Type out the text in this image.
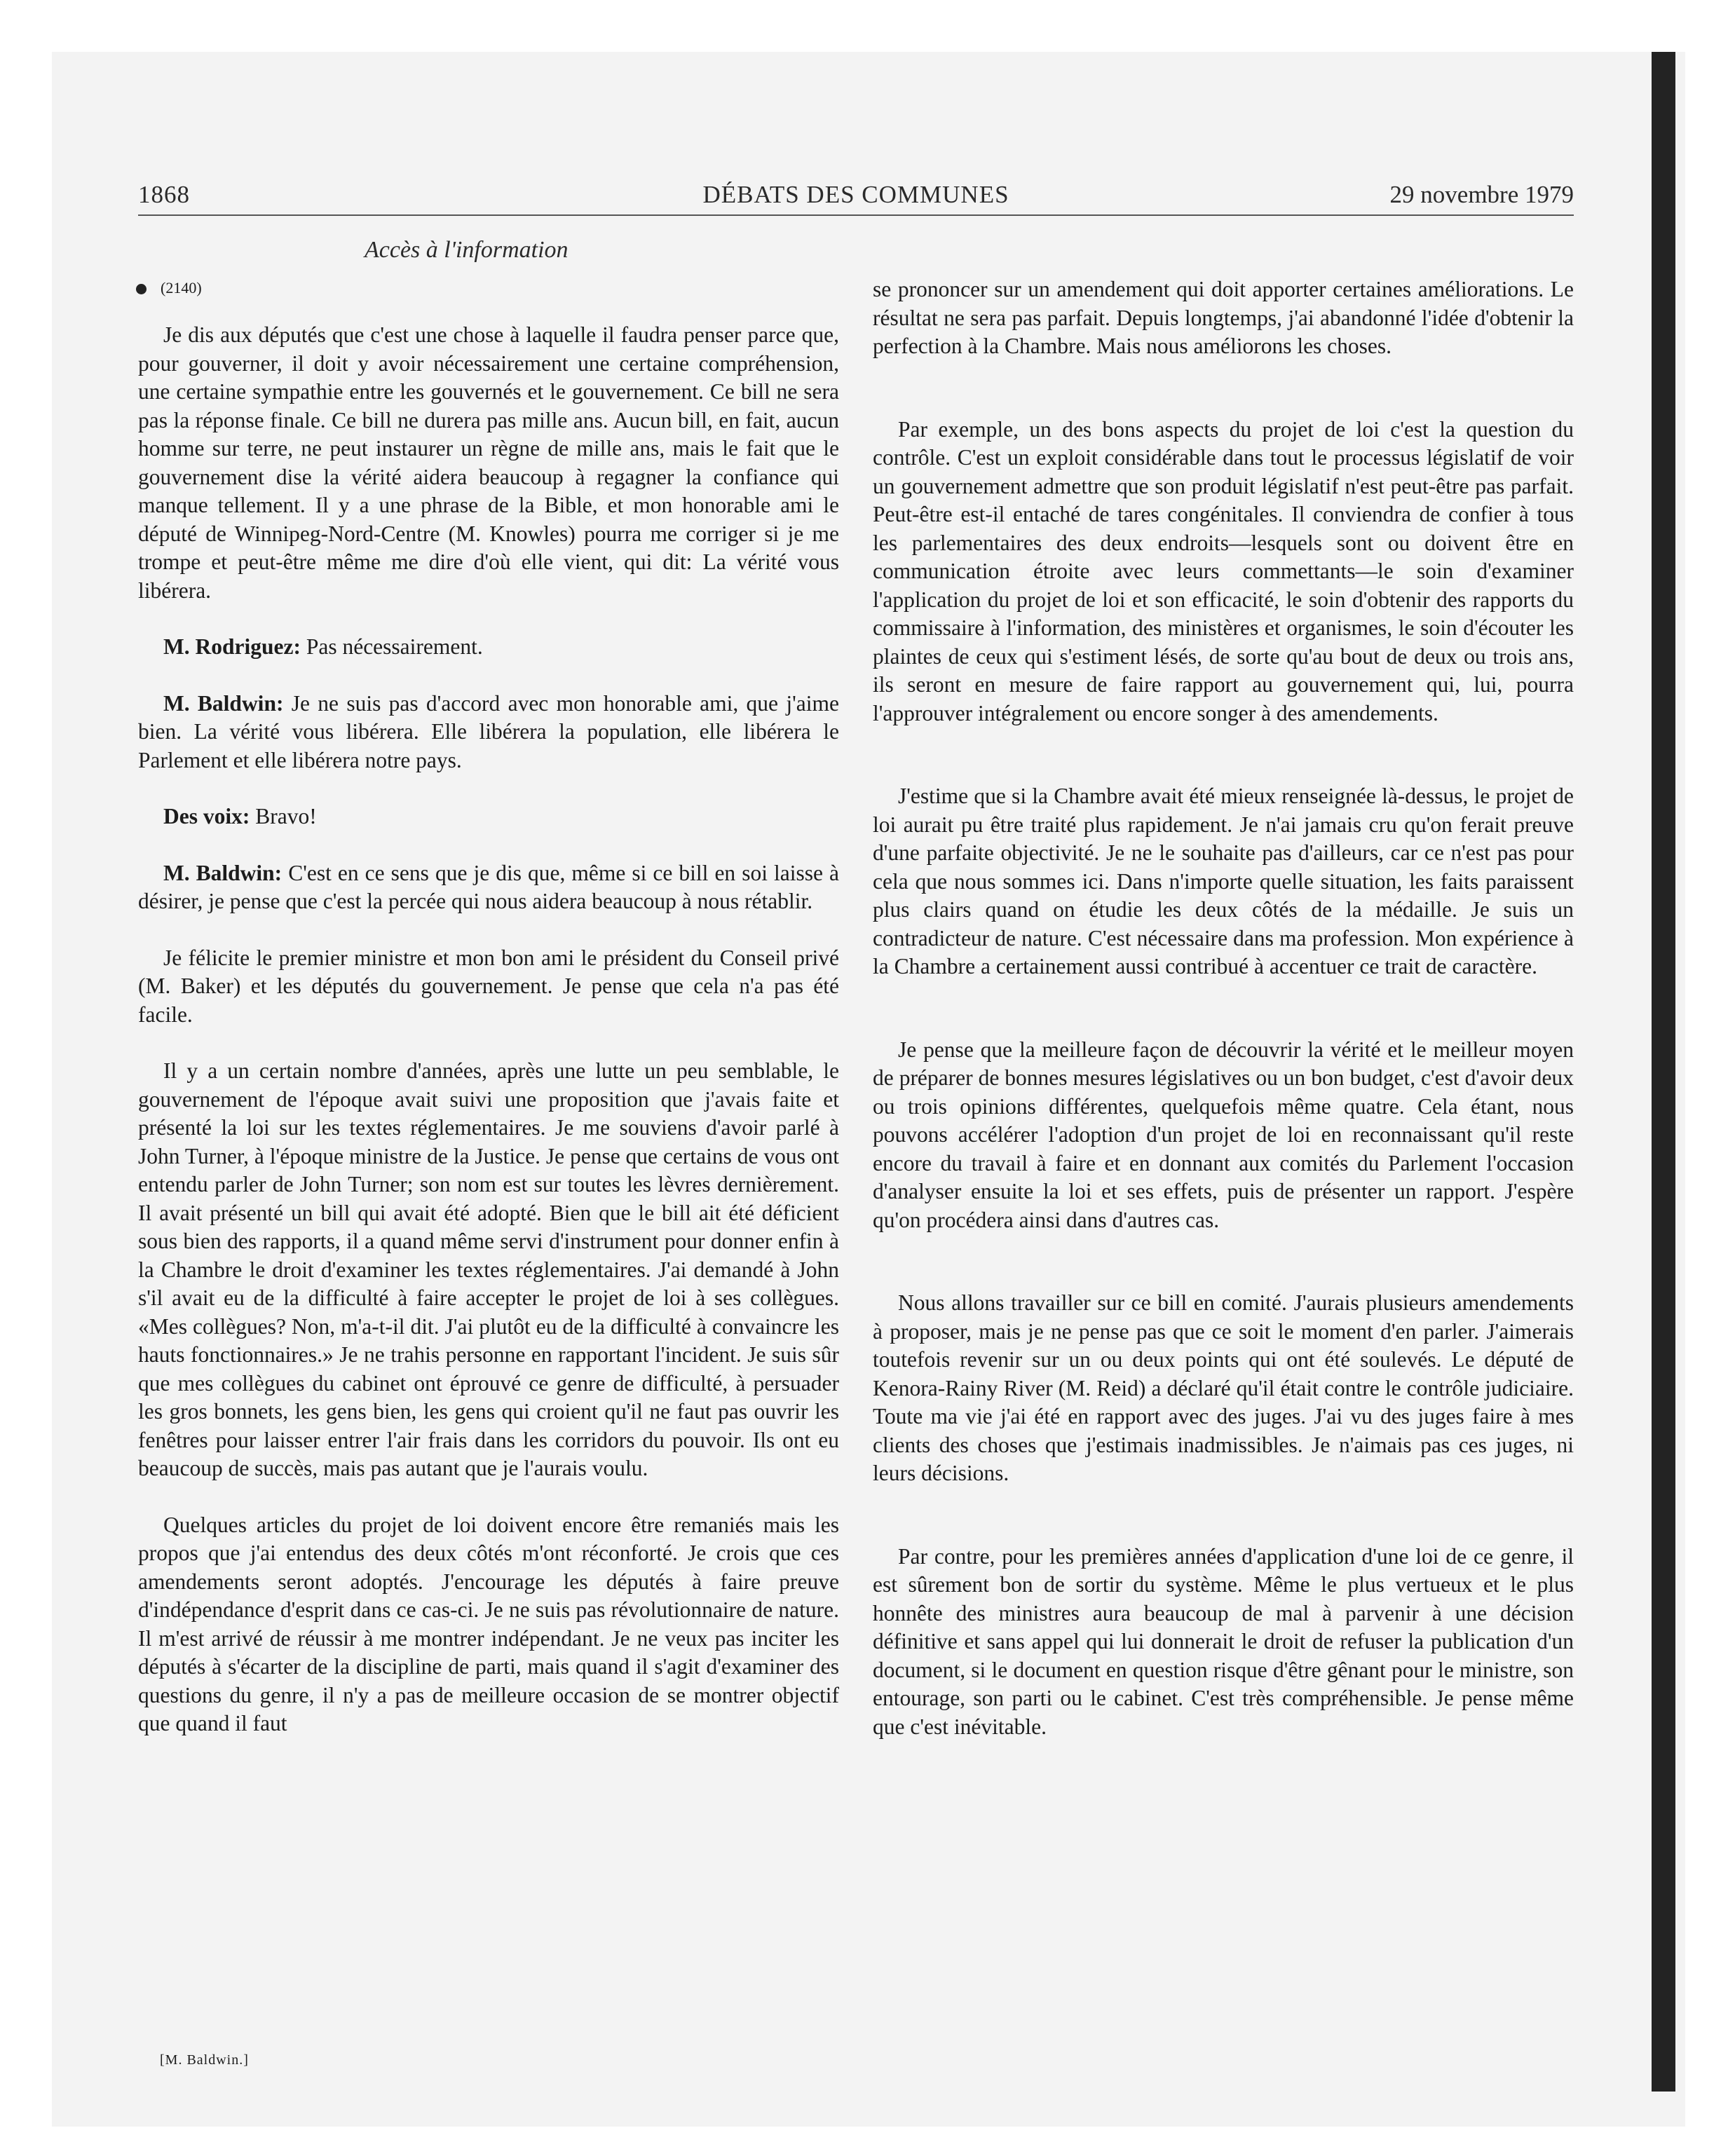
1868	DÉBATS DES COMMUNES	29 novembre 1979
Accès à l'information
(2140)

Je dis aux députés que c'est une chose à laquelle il faudra penser parce que, pour gouverner, il doit y avoir nécessairement une certaine compréhension, une certaine sympathie entre les gouvernés et le gouvernement. Ce bill ne sera pas la réponse finale. Ce bill ne durera pas mille ans. Aucun bill, en fait, aucun homme sur terre, ne peut instaurer un règne de mille ans, mais le fait que le gouvernement dise la vérité aidera beaucoup à regagner la confiance qui manque tellement. Il y a une phrase de la Bible, et mon honorable ami le député de Winnipeg-Nord-Centre (M. Knowles) pourra me corriger si je me trompe et peut-être même me dire d'où elle vient, qui dit: La vérité vous libérera.

M. Rodriguez: Pas nécessairement.

M. Baldwin: Je ne suis pas d'accord avec mon honorable ami, que j'aime bien. La vérité vous libérera. Elle libérera la population, elle libérera le Parlement et elle libérera notre pays.

Des voix: Bravo!

M. Baldwin: C'est en ce sens que je dis que, même si ce bill en soi laisse à désirer, je pense que c'est la percée qui nous aidera beaucoup à nous rétablir.

Je félicite le premier ministre et mon bon ami le président du Conseil privé (M. Baker) et les députés du gouvernement. Je pense que cela n'a pas été facile.

Il y a un certain nombre d'années, après une lutte un peu semblable, le gouvernement de l'époque avait suivi une proposition que j'avais faite et présenté la loi sur les textes réglementaires. Je me souviens d'avoir parlé à John Turner, à l'époque ministre de la Justice. Je pense que certains de vous ont entendu parler de John Turner; son nom est sur toutes les lèvres dernièrement. Il avait présenté un bill qui avait été adopté. Bien que le bill ait été déficient sous bien des rapports, il a quand même servi d'instrument pour donner enfin à la Chambre le droit d'examiner les textes réglementaires. J'ai demandé à John s'il avait eu de la difficulté à faire accepter le projet de loi à ses collègues. «Mes collègues? Non, m'a-t-il dit. J'ai plutôt eu de la difficulté à convaincre les hauts fonctionnaires.» Je ne trahis personne en rapportant l'incident. Je suis sûr que mes collègues du cabinet ont éprouvé ce genre de difficulté, à persuader les gros bonnets, les gens bien, les gens qui croient qu'il ne faut pas ouvrir les fenêtres pour laisser entrer l'air frais dans les corridors du pouvoir. Ils ont eu beaucoup de succès, mais pas autant que je l'aurais voulu.

Quelques articles du projet de loi doivent encore être remaniés mais les propos que j'ai entendus des deux côtés m'ont réconforté. Je crois que ces amendements seront adoptés. J'encourage les députés à faire preuve d'indépendance d'esprit dans ce cas-ci. Je ne suis pas révolutionnaire de nature. Il m'est arrivé de réussir à me montrer indépendant. Je ne veux pas inciter les députés à s'écarter de la discipline de parti, mais quand il s'agit d'examiner des questions du genre, il n'y a pas de meilleure occasion de se montrer objectif que quand il faut

[M. Baldwin.]

se prononcer sur un amendement qui doit apporter certaines améliorations. Le résultat ne sera pas parfait. Depuis longtemps, j'ai abandonné l'idée d'obtenir la perfection à la Chambre. Mais nous améliorons les choses.

Par exemple, un des bons aspects du projet de loi c'est la question du contrôle. C'est un exploit considérable dans tout le processus législatif de voir un gouvernement admettre que son produit législatif n'est peut-être pas parfait. Peut-être est-il entaché de tares congénitales. Il conviendra de confier à tous les parlementaires des deux endroits—lesquels sont ou doivent être en communication étroite avec leurs commettants—le soin d'examiner l'application du projet de loi et son efficacité, le soin d'obtenir des rapports du commissaire à l'information, des ministères et organismes, le soin d'écouter les plaintes de ceux qui s'estiment lésés, de sorte qu'au bout de deux ou trois ans, ils seront en mesure de faire rapport au gouvernement qui, lui, pourra l'approuver intégralement ou encore songer à des amendements.

J'estime que si la Chambre avait été mieux renseignée là-dessus, le projet de loi aurait pu être traité plus rapidement. Je n'ai jamais cru qu'on ferait preuve d'une parfaite objectivité. Je ne le souhaite pas d'ailleurs, car ce n'est pas pour cela que nous sommes ici. Dans n'importe quelle situation, les faits paraissent plus clairs quand on étudie les deux côtés de la médaille. Je suis un contradicteur de nature. C'est nécessaire dans ma profession. Mon expérience à la Chambre a certainement aussi contribué à accentuer ce trait de caractère.

Je pense que la meilleure façon de découvrir la vérité et le meilleur moyen de préparer de bonnes mesures législatives ou un bon budget, c'est d'avoir deux ou trois opinions différentes, quelquefois même quatre. Cela étant, nous pouvons accélérer l'adoption d'un projet de loi en reconnaissant qu'il reste encore du travail à faire et en donnant aux comités du Parlement l'occasion d'analyser ensuite la loi et ses effets, puis de présenter un rapport. J'espère qu'on procédera ainsi dans d'autres cas.

Nous allons travailler sur ce bill en comité. J'aurais plusieurs amendements à proposer, mais je ne pense pas que ce soit le moment d'en parler. J'aimerais toutefois revenir sur un ou deux points qui ont été soulevés. Le député de Kenora-Rainy River (M. Reid) a déclaré qu'il était contre le contrôle judiciaire. Toute ma vie j'ai été en rapport avec des juges. J'ai vu des juges faire à mes clients des choses que j'estimais inadmissibles. Je n'aimais pas ces juges, ni leurs décisions.

Par contre, pour les premières années d'application d'une loi de ce genre, il est sûrement bon de sortir du système. Même le plus vertueux et le plus honnête des ministres aura beaucoup de mal à parvenir à une décision définitive et sans appel qui lui donnerait le droit de refuser la publication d'un document, si le document en question risque d'être gênant pour le ministre, son entourage, son parti ou le cabinet. C'est très compréhensible. Je pense même que c'est inévitable.
